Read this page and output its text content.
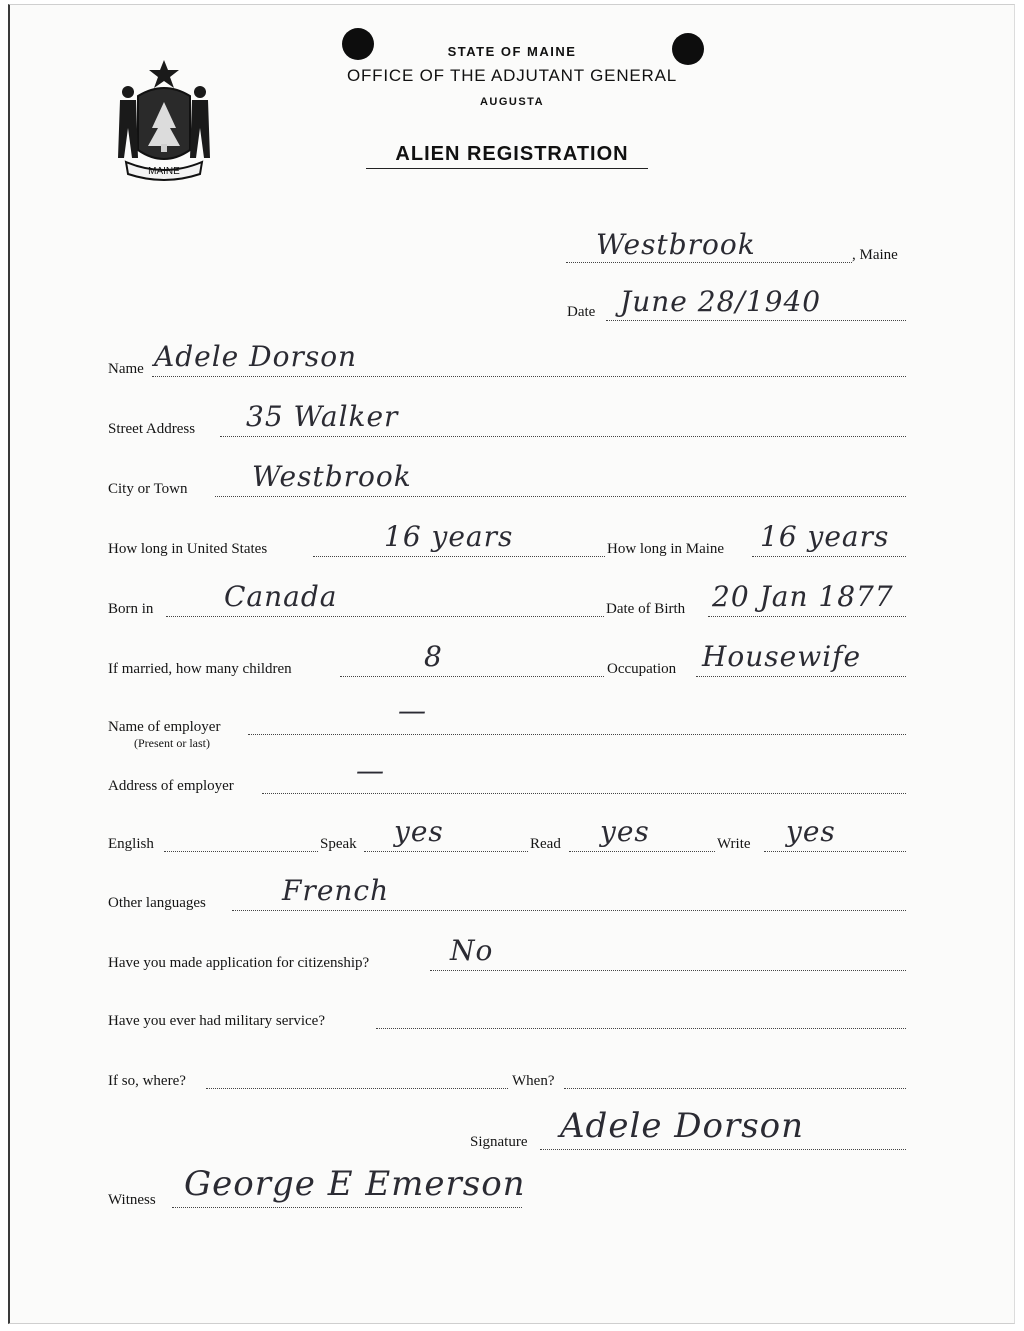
MAINE
STATE OF MAINE
OFFICE OF THE ADJUTANT GENERAL
AUGUSTA
ALIEN REGISTRATION
Westbrook	, Maine
Date June 28/1940
Name Adele Dorson
Street Address 35 Walker
City or Town Westbrook
How long in United States	16 years	How long in Maine 16 years
Born in	Canada	Date of Birth 20 Jan 1877
If married, how many children	8	Occupation Housewife
Name of employer
(Present or last)
—
Address of employer	—
English	Speak yes	Read yes	Write yes
Other languages	French
Have you made application for citizenship?	No
Have you ever had military service?
If so, where?	When?
Signature Adele Dorson
Witness George E Emerson
